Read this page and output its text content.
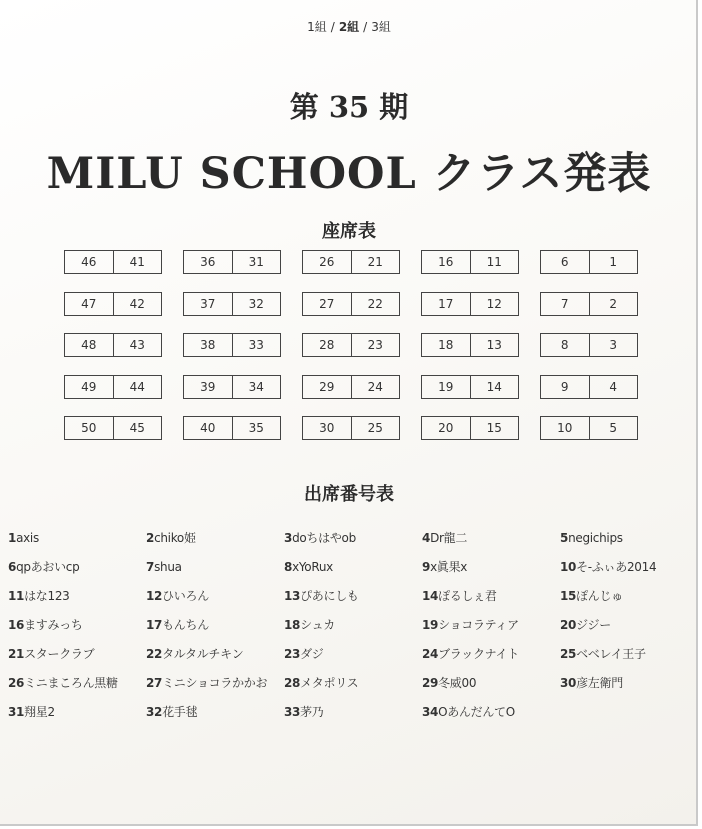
1組 / 2組 / 3組
第 35 期
MILU SCHOOL クラス発表
座席表
46	41	36	31	26	21	16	11	6	1
47	42	37	32	27	22	17	12	7	2
48	43	38	33	28	23	18	13	8	3
49	44	39	34	29	24	19	14	9	4
50	45	40	35	30	25	20	15	10	5
出席番号表
1axis	2chiko姫	3doちはやob	4Dr龍二	5negichips
6qpあおいcp	7shua	8xYoRux	9x眞果x	10そ-ふぃあ2014
11はな123	12ひいろん	13ぴあにしも	14ぽるしぇ君	15ぽんじゅ
16ますみっち	17もんちん	18シュカ	19ショコラティア	20ジジー
21スタークラブ	22タルタルチキン	23ダジ	24ブラックナイト	25ベベレイ王子
26ミニまころん黒糖	27ミニショコラかかお	28メタポリス	29冬威00	30彦左衛門
31翔星2	32花手毬	33茅乃	34OあんだんてO
